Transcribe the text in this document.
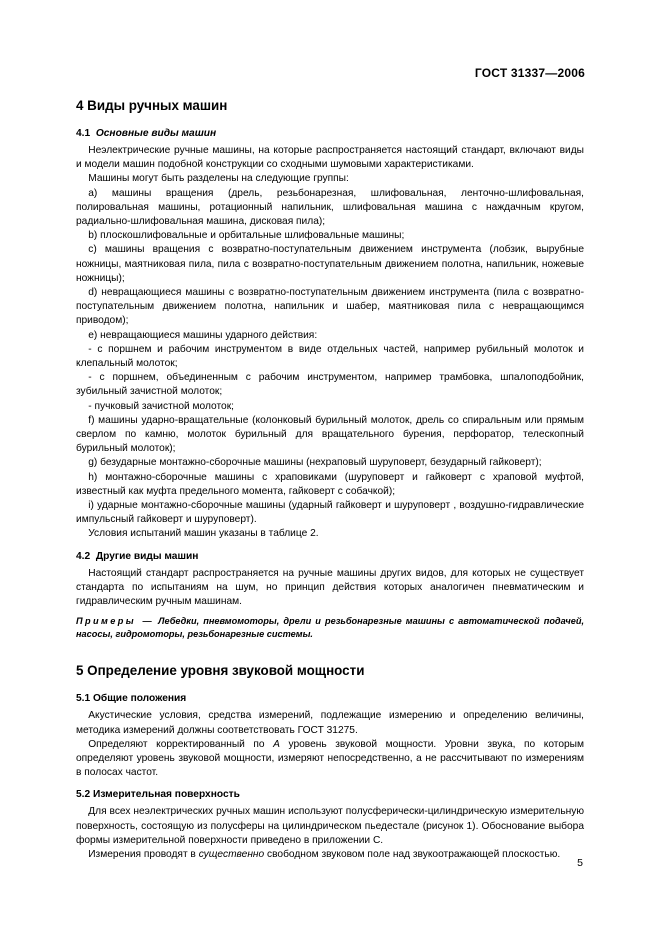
ГОСТ 31337—2006
4 Виды ручных машин
4.1 Основные виды машин

Неэлектрические ручные машины, на которые распространяется настоящий стандарт, включают виды и модели машин подобной конструкции со сходными шумовыми характеристиками.

Машины могут быть разделены на следующие группы:

а) машины вращения (дрель, резьбонарезная, шлифовальная, ленточно-шлифовальная, полировальная машины, ротационный напильник, шлифовальная машина с наждачным кругом, радиально-шлифовальная машина, дисковая пила);

b) плоскошлифовальные и орбитальные шлифовальные машины;

c) машины вращения с возвратно-поступательным движением инструмента (лобзик, вырубные ножницы, маятниковая пила, пила с возвратно-поступательным движением полотна, напильник, ножевые ножницы);

d) невращающиеся машины с возвратно-поступательным движением инструмента (пила с возвратно-поступательным движением полотна, напильник и шабер, маятниковая пила с невращающимся приводом);

e) невращающиеся машины ударного действия:

- с поршнем и рабочим инструментом в виде отдельных частей, например рубильный молоток и клепальный молоток;

- с поршнем, объединенным с рабочим инструментом, например трамбовка, шпалоподбойник, зубильный зачистной молоток;

- пучковый зачистной молоток;

f) машины ударно-вращательные (колонковый бурильный молоток, дрель со спиральным или прямым сверлом по камню, молоток бурильный для вращательного бурения, перфоратор, телескопный бурильный молоток);

g) безударные монтажно-сборочные машины (нехраповый шуруповерт, безударный гайковерт);

h) монтажно-сборочные машины с храповиками (шуруповерт и гайковерт с храповой муфтой, известный как муфта предельного момента, гайковерт с собачкой);

i) ударные монтажно-сборочные машины (ударный гайковерт и шуруповерт , воздушно-гидравлические импульсный гайковерт и шуруповерт).

Условия испытаний машин указаны в таблице 2.

4.2 Другие виды машин

Настоящий стандарт распространяется на ручные машины других видов, для которых не существует стандарта по испытаниям на шум, но принцип действия которых аналогичен пневматическим и гидравлическим ручным машинам.

Примеры — Лебедки, пневмомоторы, дрели и резьбонарезные машины с автоматической подачей, насосы, гидромоторы, резьбонарезные системы.

5 Определение уровня звуковой мощности
5.1 Общие положения

Акустические условия, средства измерений, подлежащие измерению и определению величины, методика измерений должны соответствовать ГОСТ 31275.

Определяют корректированный по А уровень звуковой мощности. Уровни звука, по которым определяют уровень звуковой мощности, измеряют непосредственно, а не рассчитывают по измерениям в полосах частот.

5.2 Измерительная поверхность

Для всех неэлектрических ручных машин используют полусферически-цилиндрическую измерительную поверхность, состоящую из полусферы на цилиндрическом пьедестале (рисунок 1). Обоснование выбора формы измерительной поверхности приведено в приложении С.

Измерения проводят в существенно свободном звуковом поле над звукоотражающей плоскостью.

5
